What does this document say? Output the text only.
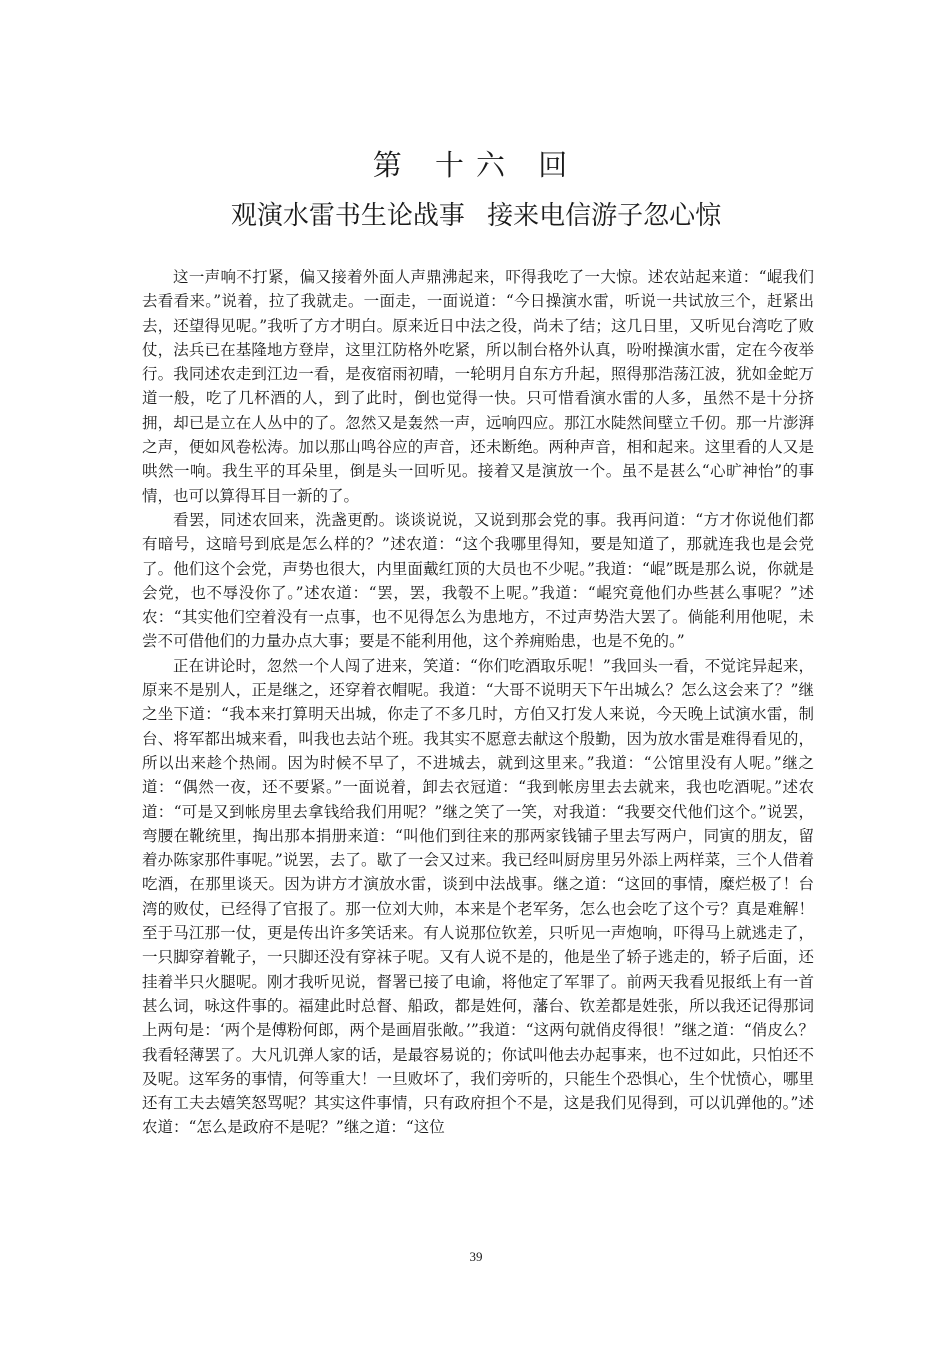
第 十六 回
观演水雷书生论战事 接来电信游子忽心惊

这一声响不打紧，偏又接着外面人声鼎沸起来，吓得我吃了一大惊。述农站起来道：“崐我们去看看来。”说着，拉了我就走。一面走，一面说道：“今日操演水雷，听说一共试放三个，赶紧出去，还望得见呢。”我听了方才明白。原来近日中法之役，尚未了结；这几日里，又听见台湾吃了败仗，法兵已在基隆地方登岸，这里江防格外吃紧，所以制台格外认真，吩咐操演水雷，定在今夜举行。我同述农走到江边一看，是夜宿雨初晴，一轮明月自东方升起，照得那浩荡江波，犹如金蛇万道一般，吃了几杯酒的人，到了此时，倒也觉得一快。只可惜看演水雷的人多，虽然不是十分挤拥，却已是立在人丛中的了。忽然又是轰然一声，远响四应。那江水陡然间壁立千仞。那一片澎湃之声，便如风卷松涛。加以那山鸣谷应的声音，还未断绝。两种声音，相和起来。这里看的人又是哄然一响。我生平的耳朵里，倒是头一回听见。接着又是演放一个。虽不是甚么“心旷神怡”的事情，也可以算得耳目一新的了。

看罢，同述农回来，洗盏更酌。谈谈说说，又说到那会党的事。我再问道：“方才你说他们都有暗号，这暗号到底是怎么样的？”述农道：“这个我哪里得知，要是知道了，那就连我也是会党了。他们这个会党，声势也很大，内里面戴红顶的大员也不少呢。”我道：“崐”既是那么说，你就是会党，也不辱没你了。”述农道：“罢，罢，我彀不上呢。”我道：“崐究竟他们办些甚么事呢？”述农：“其实他们空着没有一点事，也不见得怎么为患地方，不过声势浩大罢了。倘能利用他呢，未尝不可借他们的力量办点大事；要是不能利用他，这个养痈贻患，也是不免的。”

正在讲论时，忽然一个人闯了进来，笑道：“你们吃酒取乐呢！”我回头一看，不觉诧异起来，原来不是别人，正是继之，还穿着衣帽呢。我道：“大哥不说明天下午出城么？怎么这会来了？”继之坐下道：“我本来打算明天出城，你走了不多几时，方伯又打发人来说，今天晚上试演水雷，制台、将军都出城来看，叫我也去站个班。我其实不愿意去献这个殷勤，因为放水雷是难得看见的，所以出来趁个热闹。因为时候不早了，不进城去，就到这里来。”我道：“公馆里没有人呢。”继之道：“偶然一夜，还不要紧。”一面说着，卸去衣冠道：“我到帐房里去去就来，我也吃酒呢。”述农道：“可是又到帐房里去拿钱给我们用呢？”继之笑了一笑，对我道：“我要交代他们这个。”说罢，弯腰在靴统里，掏出那本捐册来道：“叫他们到往来的那两家钱铺子里去写两户，同寅的朋友，留着办陈家那件事呢。”说罢，去了。歇了一会又过来。我已经叫厨房里另外添上两样菜，三个人借着吃酒，在那里谈天。因为讲方才演放水雷，谈到中法战事。继之道：“这回的事情，糜烂极了！台湾的败仗，已经得了官报了。那一位刘大帅，本来是个老军务，怎么也会吃了这个亏？真是难解！至于马江那一仗，更是传出许多笑话来。有人说那位钦差，只听见一声炮响，吓得马上就逃走了，一只脚穿着靴子，一只脚还没有穿袜子呢。又有人说不是的，他是坐了轿子逃走的，轿子后面，还挂着半只火腿呢。刚才我听见说，督署已接了电谕，将他定了军罪了。前两天我看见报纸上有一首甚么词，咏这件事的。福建此时总督、船政，都是姓何，藩台、钦差都是姓张，所以我还记得那词上两句是：‘两个是傅粉何郎，两个是画眉张敞。’”我道：“这两句就俏皮得很！”继之道：“俏皮么？我看轻薄罢了。大凡讥弹人家的话，是最容易说的；你试叫他去办起事来，也不过如此，只怕还不及呢。这军务的事情，何等重大！一旦败坏了，我们旁听的，只能生个恐惧心，生个忧愤心，哪里还有工夫去嬉笑怒骂呢？其实这件事情，只有政府担个不是，这是我们见得到，可以讥弹他的。”述农道：“怎么是政府不是呢？”继之道：“这位

39
